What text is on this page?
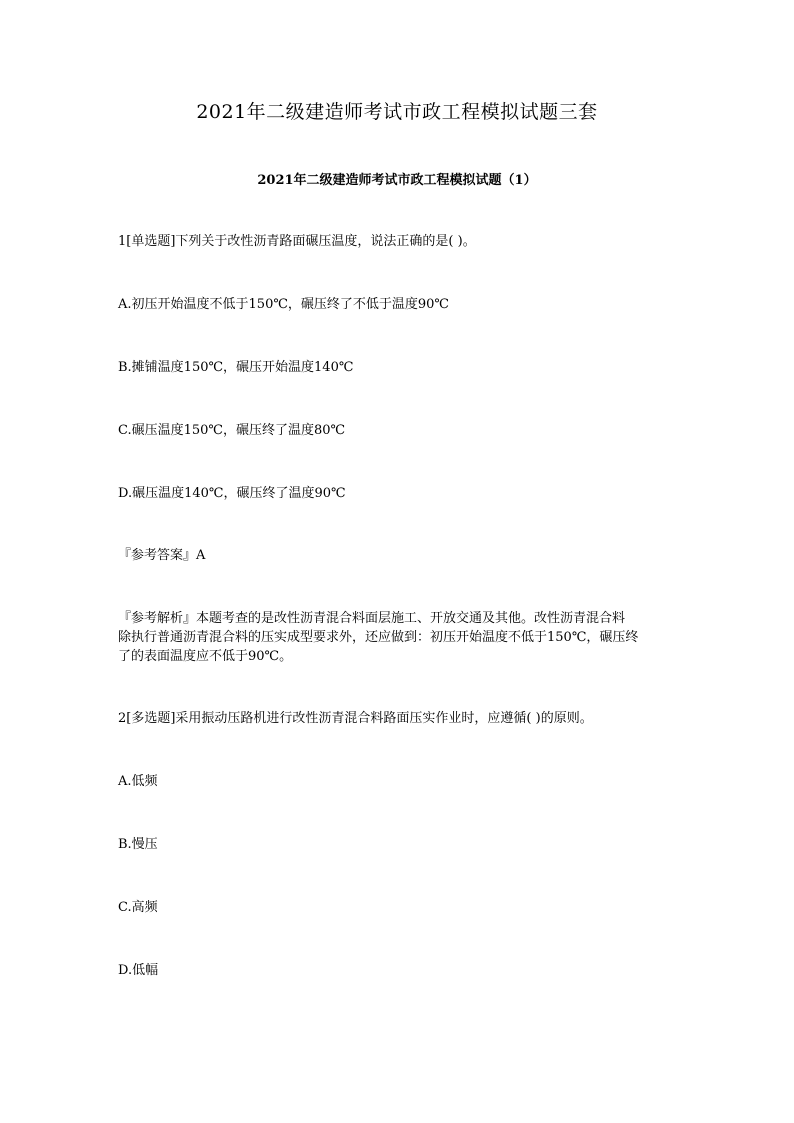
2021年二级建造师考试市政工程模拟试题三套
2021年二级建造师考试市政工程模拟试题（1）
1[单选题]下列关于改性沥青路面碾压温度，说法正确的是( )。
A.初压开始温度不低于150℃，碾压终了不低于温度90℃
B.摊铺温度150℃，碾压开始温度140℃
C.碾压温度150℃，碾压终了温度80℃
D.碾压温度140℃，碾压终了温度90℃
『参考答案』A
『参考解析』本题考查的是改性沥青混合料面层施工、开放交通及其他。改性沥青混合料
除执行普通沥青混合料的压实成型要求外，还应做到：初压开始温度不低于150℃，碾压终
了的表面温度应不低于90℃。
2[多选题]采用振动压路机进行改性沥青混合料路面压实作业时，应遵循( )的原则。
A.低频
B.慢压
C.高频
D.低幅
